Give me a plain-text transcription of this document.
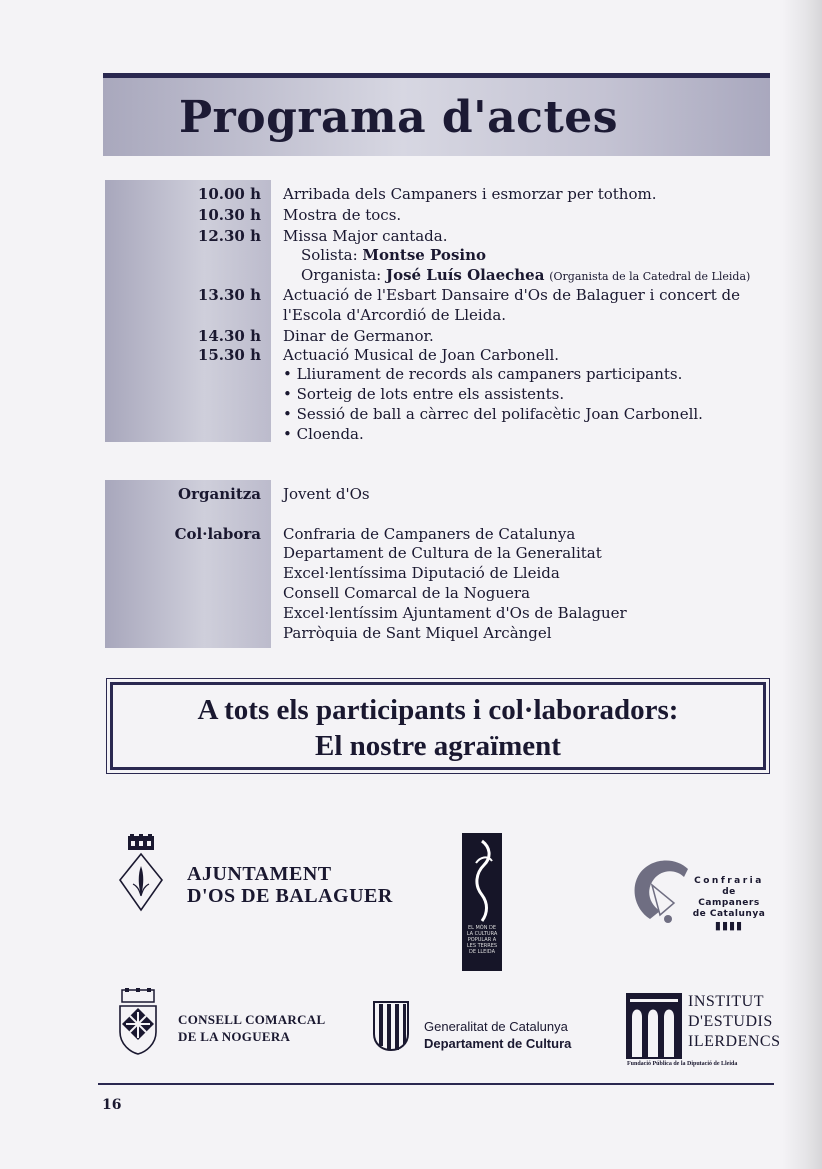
Programa d'actes
10.00 h Arribada dels Campaners i esmorzar per tothom.
10.30 h Mostra de tocs.
12.30 h Missa Major cantada.
Solista: Montse Posino
Organista: José Luís Olaechea (Organista de la Catedral de Lleida)
13.30 h Actuació de l'Esbart Dansaire d'Os de Balaguer i concert de
l'Escola d'Arcordió de Lleida.
14.30 h Dinar de Germanor.
15.30 h Actuació Musical de Joan Carbonell.
• Lliurament de records als campaners participants.
• Sorteig de lots entre els assistents.
• Sessió de ball a càrrec del polifacètic Joan Carbonell.
• Cloenda.
Organitza Jovent d'Os
Col·labora Confraria de Campaners de Catalunya
Departament de Cultura de la Generalitat
Excel·lentíssima Diputació de Lleida
Consell Comarcal de la Noguera
Excel·lentíssim Ajuntament d'Os de Balaguer
Parròquia de Sant Miquel Arcàngel
A tots els participants i col·laboradors:
El nostre agraïment
AJUNTAMENT
D'OS DE BALAGUER
EL MÓN DE LA CULTURA POPULAR A LES TERRES DE LLEIDA
Confraria
de Campaners
de Catalunya
▮▮▮▮
CONSELL COMARCAL
DE LA NOGUERA
Generalitat de Catalunya
Departament de Cultura
INSTITUT
D'ESTUDIS
ILERDENCS
Fundació Pública de la Diputació de Lleida
16
